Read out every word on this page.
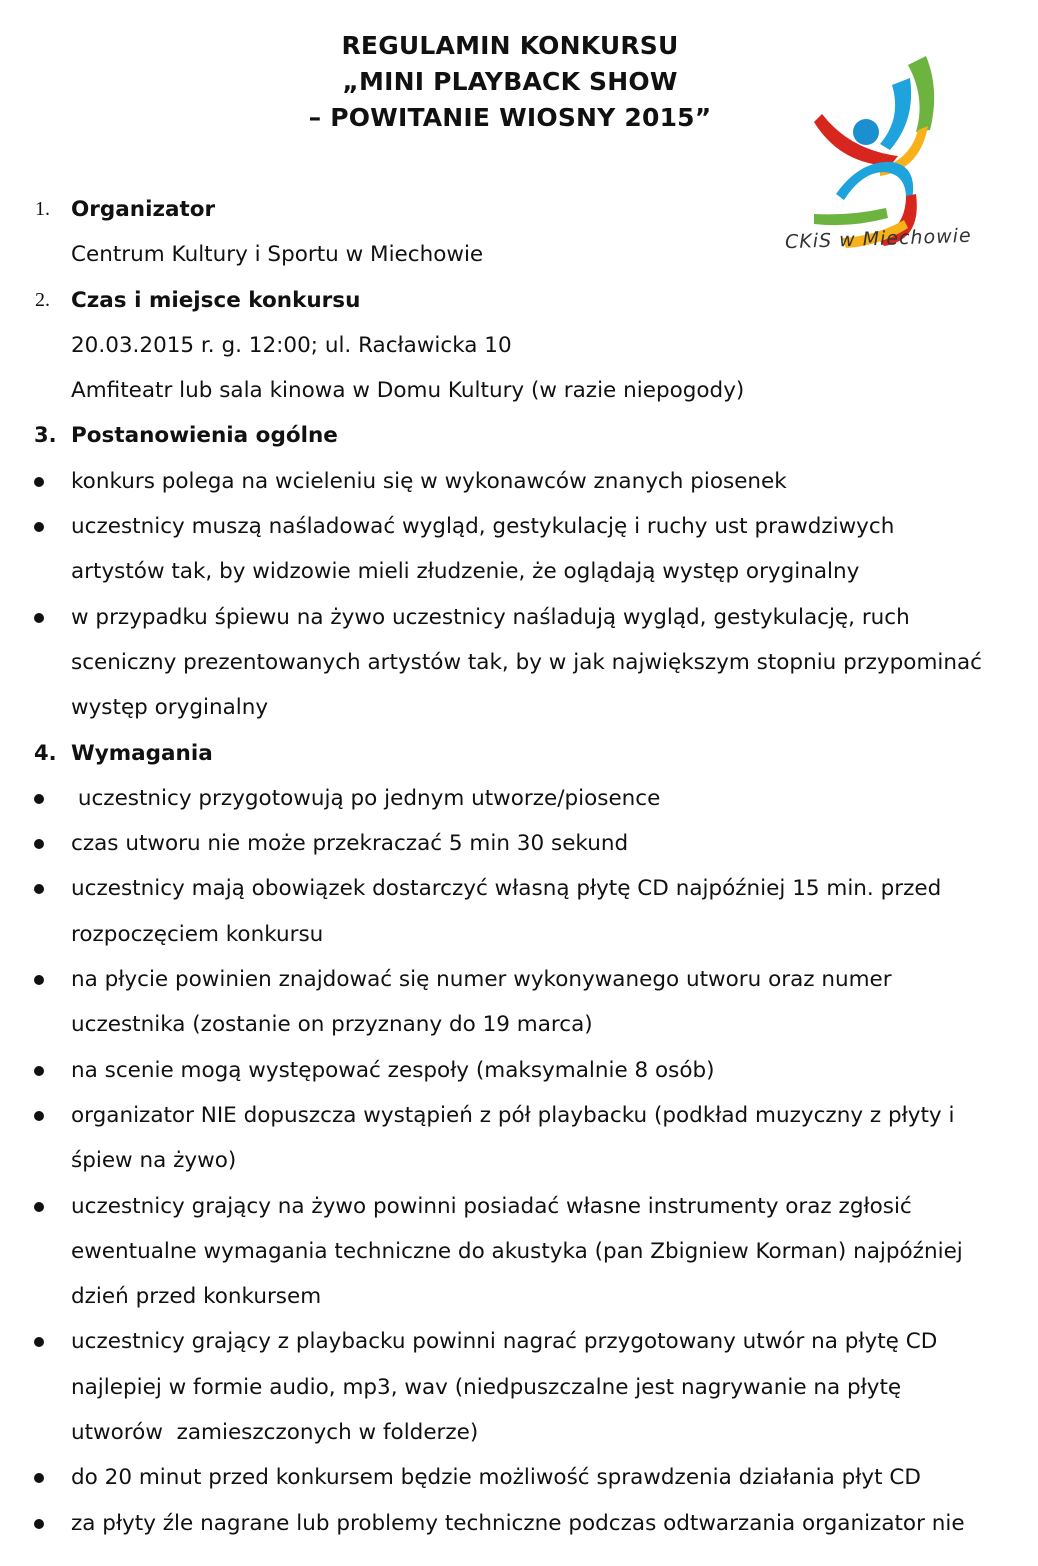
REGULAMIN KONKURSU
„MINI PLAYBACK SHOW
– POWITANIE WIOSNY 2015”
CKiS w Miechowie
1. Organizator
Centrum Kultury i Sportu w Miechowie
2. Czas i miejsce konkursu
20.03.2015 r. g. 12:00; ul. Racławicka 10
Amfiteatr lub sala kinowa w Domu Kultury (w razie niepogody)
3. Postanowienia ogólne
konkurs polega na wcieleniu się w wykonawców znanych piosenek
uczestnicy muszą naśladować wygląd, gestykulację i ruchy ust prawdziwych
artystów tak, by widzowie mieli złudzenie, że oglądają występ oryginalny
w przypadku śpiewu na żywo uczestnicy naśladują wygląd, gestykulację, ruch
sceniczny prezentowanych artystów tak, by w jak największym stopniu przypominać
występ oryginalny
4. Wymagania
uczestnicy przygotowują po jednym utworze/piosence
czas utworu nie może przekraczać 5 min 30 sekund
uczestnicy mają obowiązek dostarczyć własną płytę CD najpóźniej 15 min. przed
rozpoczęciem konkursu
na płycie powinien znajdować się numer wykonywanego utworu oraz numer
uczestnika (zostanie on przyznany do 19 marca)
na scenie mogą występować zespoły (maksymalnie 8 osób)
organizator NIE dopuszcza wystąpień z pół playbacku (podkład muzyczny z płyty i
śpiew na żywo)
uczestnicy grający na żywo powinni posiadać własne instrumenty oraz zgłosić
ewentualne wymagania techniczne do akustyka (pan Zbigniew Korman) najpóźniej
dzień przed konkursem
uczestnicy grający z playbacku powinni nagrać przygotowany utwór na płytę CD
najlepiej w formie audio, mp3, wav (niedpuszczalne jest nagrywanie na płytę
utworów  zamieszczonych w folderze)
do 20 minut przed konkursem będzie możliwość sprawdzenia działania płyt CD
za płyty źle nagrane lub problemy techniczne podczas odtwarzania organizator nie
